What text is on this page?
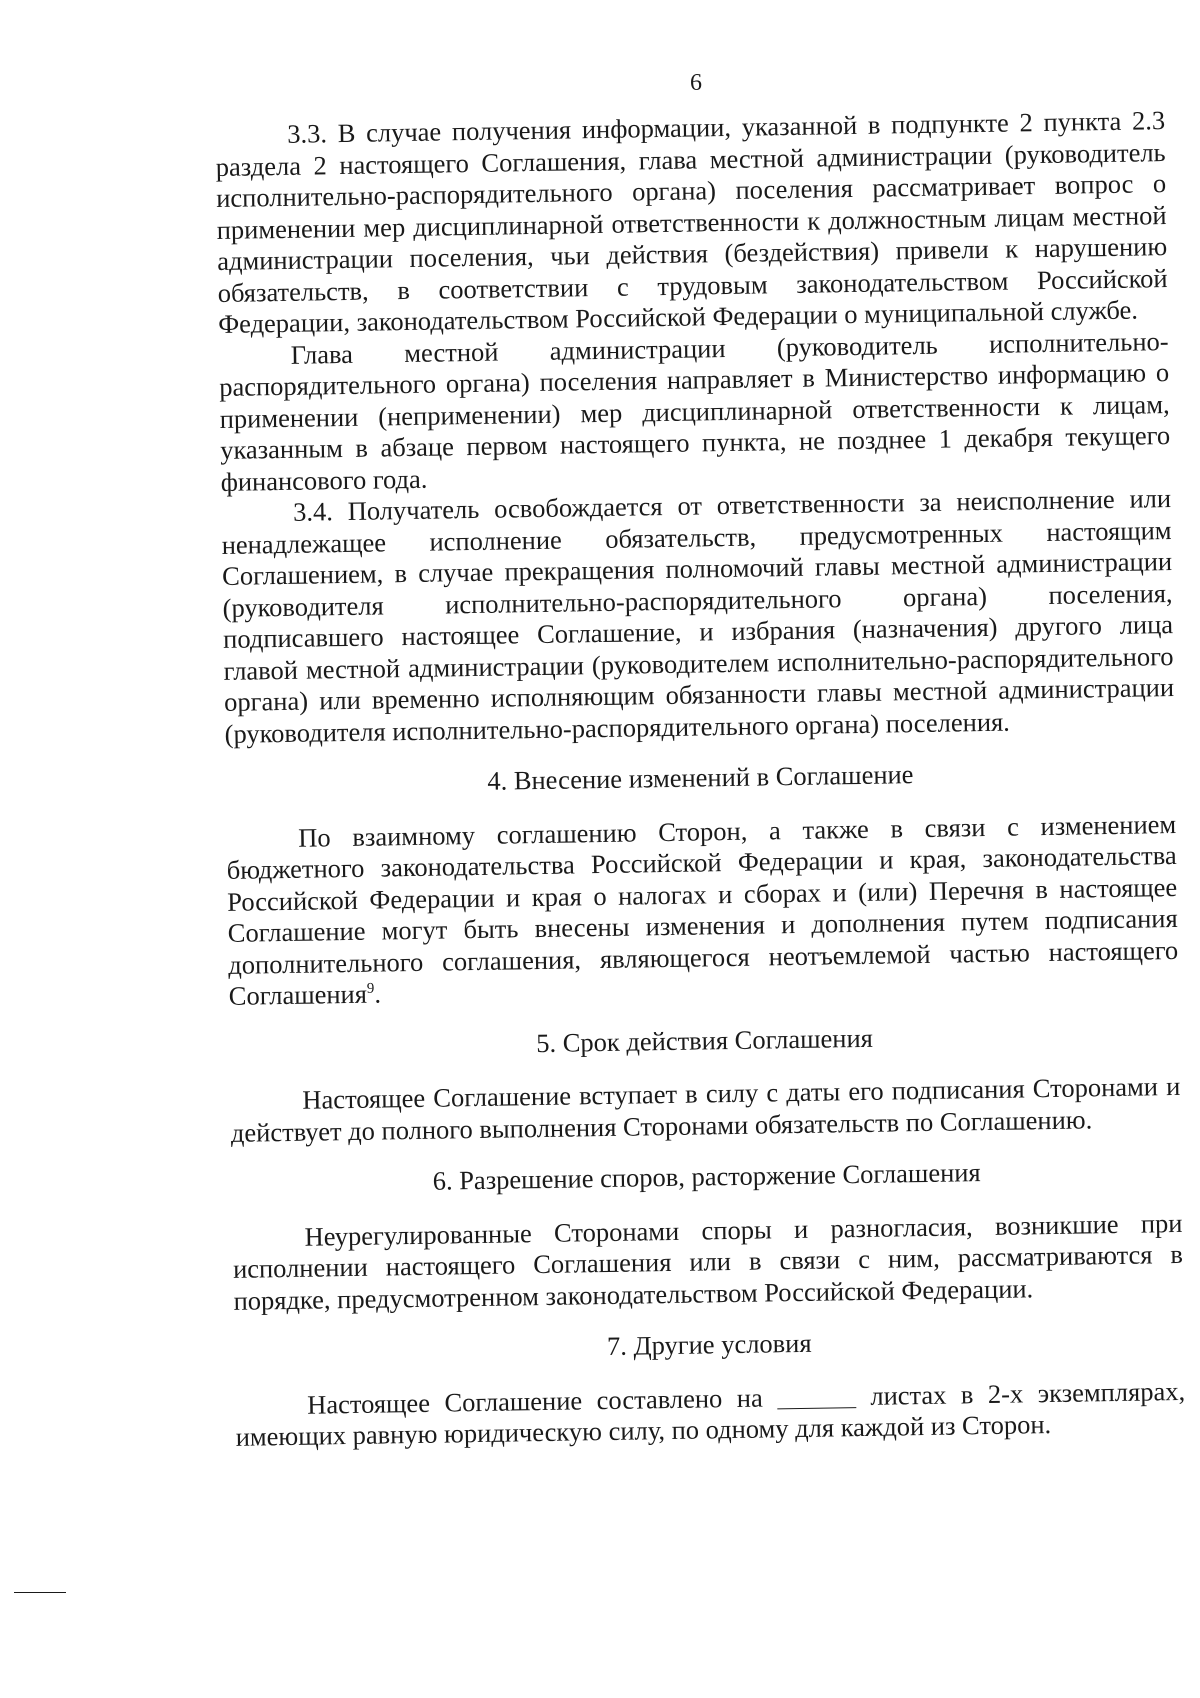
6

3.3. В случае получения информации, указанной в подпункте 2 пункта 2.3 раздела 2 настоящего Соглашения, глава местной администрации (руководитель исполнительно-распорядительного органа) поселения рассматривает вопрос о применении мер дисциплинарной ответственности к должностным лицам местной администрации поселения, чьи действия (бездействия) привели к нарушению обязательств, в соответствии с трудовым законодательством Российской Федерации, законодательством Российской Федерации о муниципальной службе.

Глава местной администрации (руководитель исполнительно-распорядительного органа) поселения направляет в Министерство информацию о применении (неприменении) мер дисциплинарной ответственности к лицам, указанным в абзаце первом настоящего пункта, не позднее 1 декабря текущего финансового года.

3.4. Получатель освобождается от ответственности за неисполнение или ненадлежащее исполнение обязательств, предусмотренных настоящим Соглашением, в случае прекращения полномочий главы местной администрации (руководителя исполнительно-распорядительного органа) поселения, подписавшего настоящее Соглашение, и избрания (назначения) другого лица главой местной администрации (руководителем исполнительно-распорядительного органа) или временно исполняющим обязанности главы местной администрации (руководителя исполнительно-распорядительного органа) поселения.

4. Внесение изменений в Соглашение

По взаимному соглашению Сторон, а также в связи с изменением бюджетного законодательства Российской Федерации и края, законодательства Российской Федерации и края о налогах и сборах и (или) Перечня в настоящее Соглашение могут быть внесены изменения и дополнения путем подписания дополнительного соглашения, являющегося неотъемлемой частью настоящего Соглашения$^9$.

5. Срок действия Соглашения

Настоящее Соглашение вступает в силу с даты его подписания Сторонами и действует до полного выполнения Сторонами обязательств по Соглашению.

6. Разрешение споров, расторжение Соглашения

Неурегулированные Сторонами споры и разногласия, возникшие при исполнении настоящего Соглашения или в связи с ним, рассматриваются в порядке, предусмотренном законодательством Российской Федерации.

7. Другие условия

Настоящее Соглашение составлено на	листах в 2-х экземплярах, имеющих равную юридическую силу, по одному для каждой из Сторон.
